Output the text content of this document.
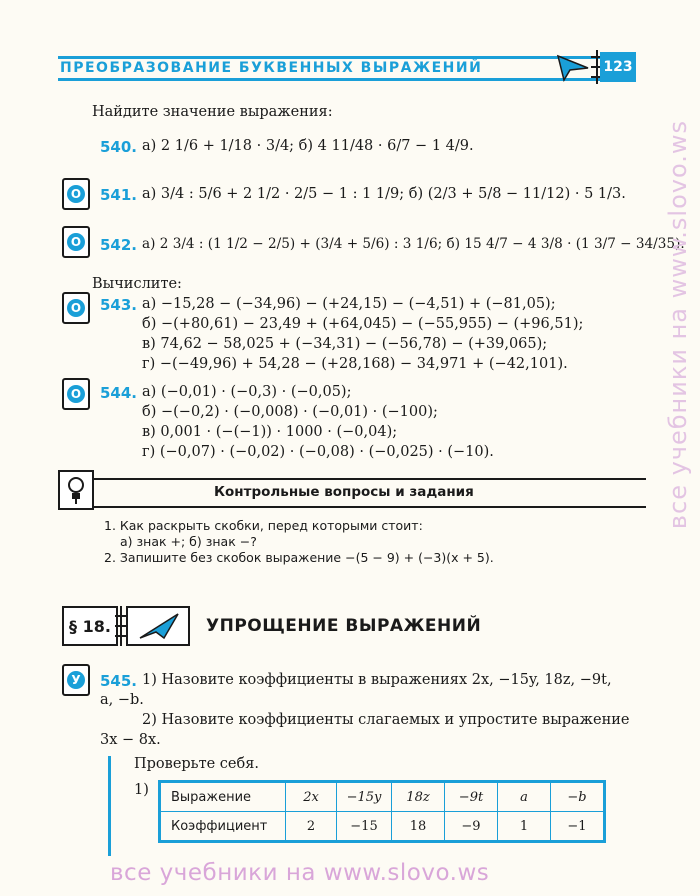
ПРЕОБРАЗОВАНИЕ БУКВЕННЫХ ВЫРАЖЕНИЙ	123
Найдите значение выражения:
540. а) 2 1/6 + 1/18 · 3/4; б) 4 11/48 · 6/7 − 1 4/9.
O 541. а) 3/4 : 5/6 + 2 1/2 · 2/5 − 1 : 1 1/9; б) (2/3 + 5/8 − 11/12) · 5 1/3.
O 542. а) 2 3/4 : (1 1/2 − 2/5) + (3/4 + 5/6) : 3 1/6; б) 15 4/7 − 4 3/8 · (1 3/7 − 34/35).
Вычислите:
O 543. а) −15,28 − (−34,96) − (+24,15) − (−4,51) + (−81,05);
б) −(+80,61) − 23,49 + (+64,045) − (−55,955) − (+96,51);
в) 74,62 − 58,025 + (−34,31) − (−56,78) − (+39,065);
г) −(−49,96) + 54,28 − (+28,168) − 34,971 + (−42,101).
O 544. а) (−0,01) · (−0,3) · (−0,05);
б) −(−0,2) · (−0,008) · (−0,01) · (−100);
в) 0,001 · (−(−1)) · 1000 · (−0,04);
г) (−0,07) · (−0,02) · (−0,08) · (−0,025) · (−10).
Контрольные вопросы и задания
1. Как раскрыть скобки, перед которыми стоит:
а) знак +; б) знак −?
2. Запишите без скобок выражение −(5 − 9) + (−3)(x + 5).
§ 18.	УПРОЩЕНИЕ ВЫРАЖЕНИЙ
У 545. 1) Назовите коэффициенты в выражениях 2x, −15y, 18z, −9t,
a, −b.
2) Назовите коэффициенты слагаемых и упростите выражение
3x − 8x.
Проверьте себя.
1) Выражение	2x	−15y	18z	−9t	a	−b
Коэффициент	2	−15	18	−9	1	−1
все учебники на www.slovo.ws
все учебники на www.slovo.ws
